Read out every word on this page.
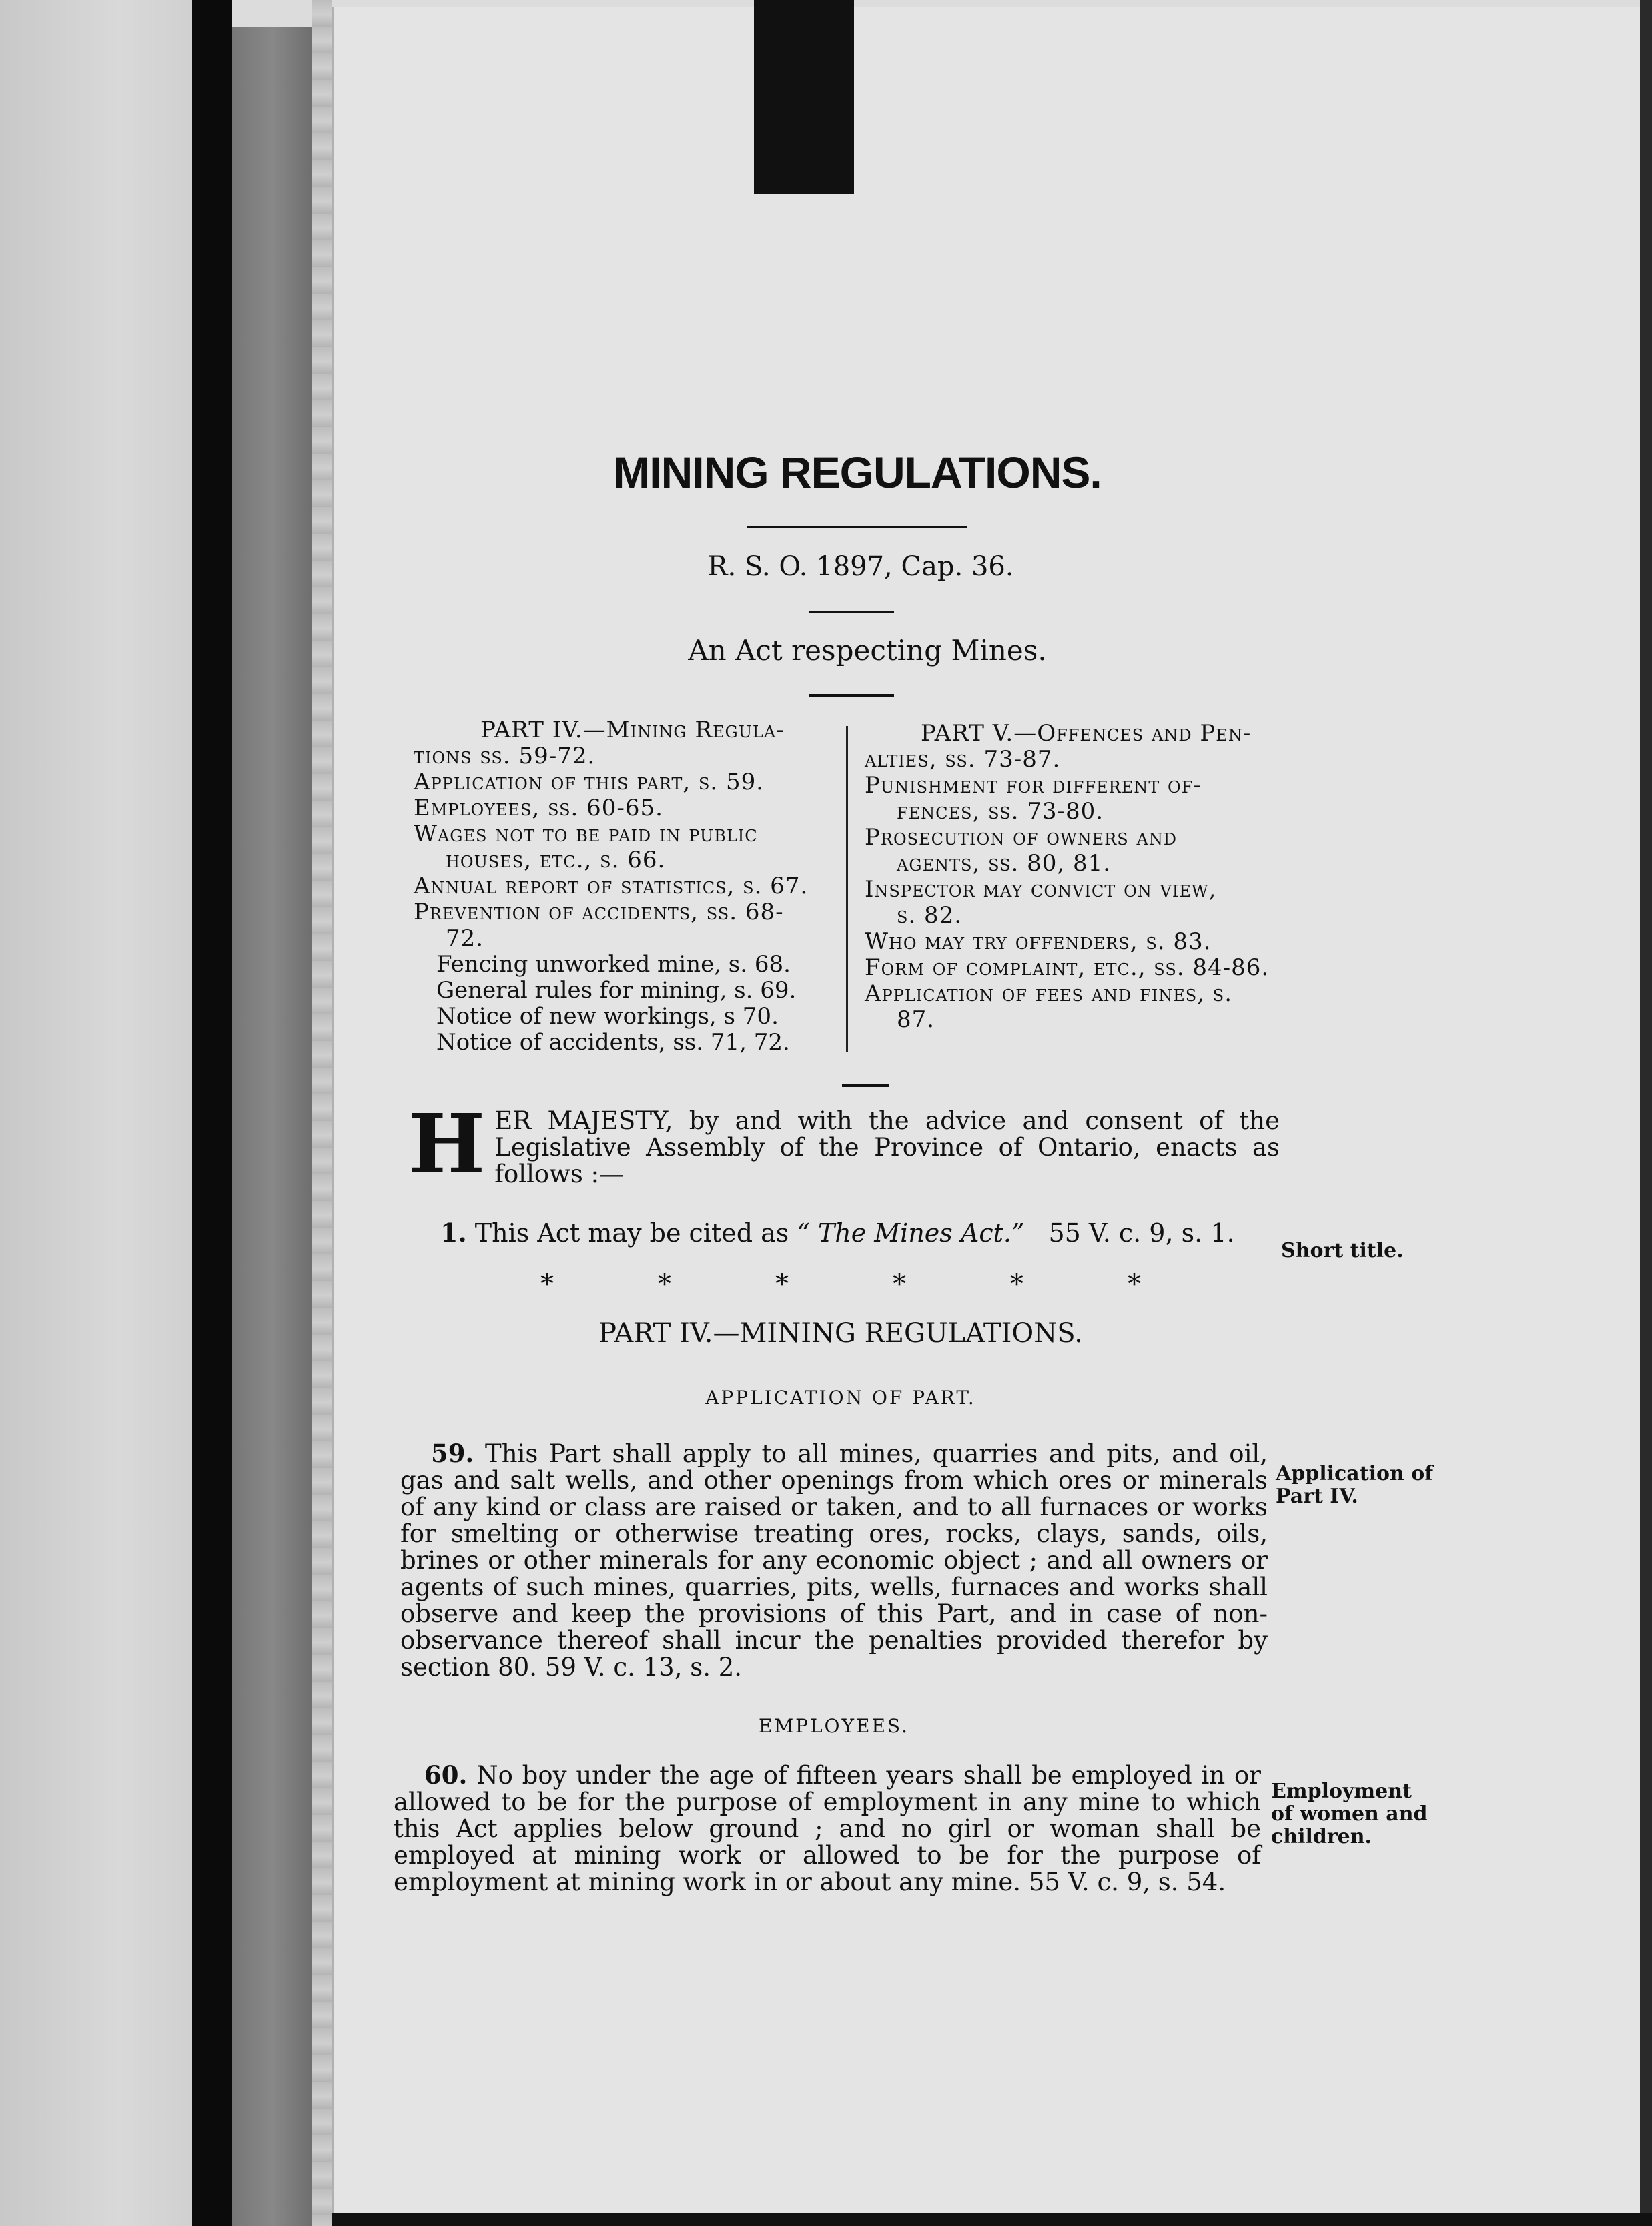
MINING REGULATIONS.
R. S. O. 1897, Cap. 36.
An Act respecting Mines.
PART IV.—Mining Regula-
tions ss. 59-72.
Application of this part, s. 59.
Employees, ss. 60-65.
Wages not to be paid in public
houses, etc., s. 66.
Annual report of statistics, s. 67.
Prevention of accidents, ss. 68-
72.
Fencing unworked mine, s. 68.
General rules for mining, s. 69.
Notice of new workings, s 70.
Notice of accidents, ss. 71, 72.
PART V.—Offences and Pen-
alties, ss. 73-87.
Punishment for different of-
fences, ss. 73-80.
Prosecution of owners and
agents, ss. 80, 81.
Inspector may convict on view,
s. 82.
Who may try offenders, s. 83.
Form of complaint, etc., ss. 84-86.
Application of fees and fines, s.
87.
H ER MAJESTY, by and with the advice and consent of the Legislative Assembly of the Province of Ontario, enacts as follows :—
1. This Act may be cited as “ The Mines Act.” 55 V. c. 9, s. 1.
Short title.
*	*	*	*	*	*
PART IV.—MINING REGULATIONS.
APPLICATION OF PART.
59. This Part shall apply to all mines, quarries and pits, and oil, gas and salt wells, and other openings from which ores or minerals of any kind or class are raised or taken, and to all furnaces or works for smelting or otherwise treating ores, rocks, clays, sands, oils, brines or other minerals for any economic object ; and all owners or agents of such mines, quarries, pits, wells, furnaces and works shall observe and keep the provisions of this Part, and in case of non-observance thereof shall incur the penalties provided therefor by section 80. 59 V. c. 13, s. 2.
Application of
Part IV.
EMPLOYEES.
60. No boy under the age of fifteen years shall be employed in or allowed to be for the purpose of employment in any mine to which this Act applies below ground ; and no girl or woman shall be employed at mining work or allowed to be for the purpose of employment at mining work in or about any mine. 55 V. c. 9, s. 54.
Employment
of women and
children.
